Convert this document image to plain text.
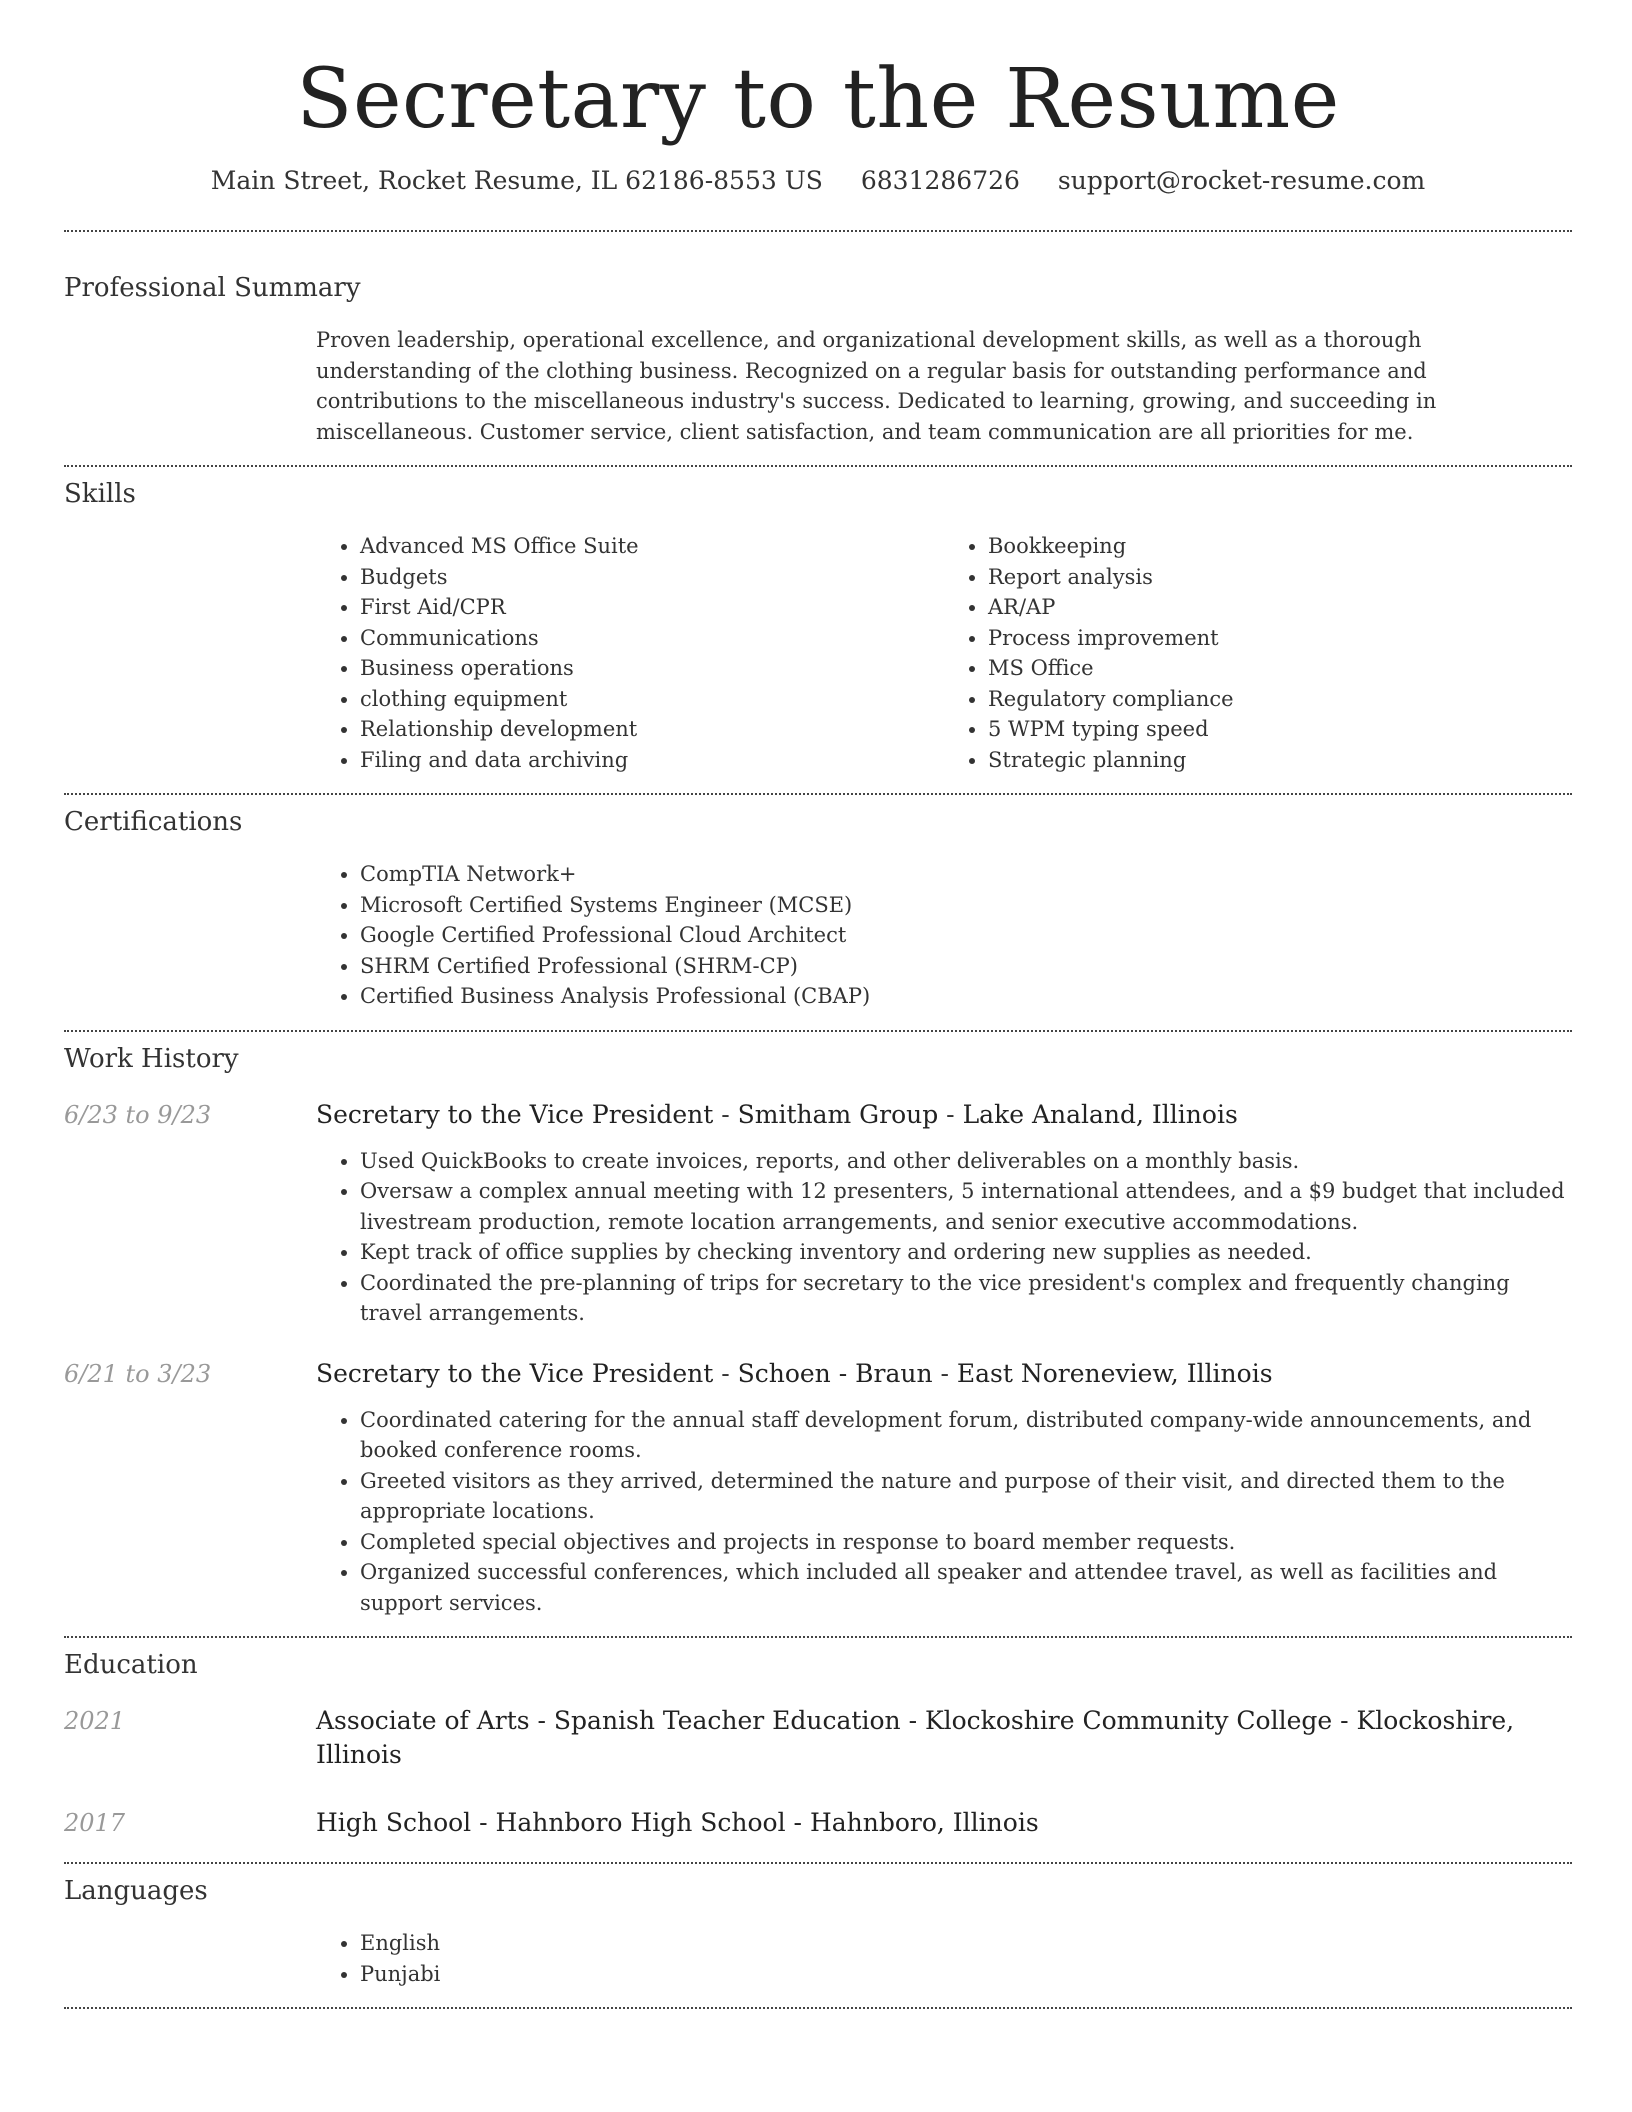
Secretary to the Resume
Main Street, Rocket Resume, IL 62186-8553 US 6831286726 support@rocket-resume.com
Professional Summary
Proven leadership, operational excellence, and organizational development skills, as well as a thorough understanding of the clothing business. Recognized on a regular basis for outstanding performance and contributions to the miscellaneous industry's success. Dedicated to learning, growing, and succeeding in miscellaneous. Customer service, client satisfaction, and team communication are all priorities for me.
Skills
• Advanced MS Office Suite
• Budgets
• First Aid/CPR
• Communications
• Business operations
• clothing equipment
• Relationship development
• Filing and data archiving
• Bookkeeping
• Report analysis
• AR/AP
• Process improvement
• MS Office
• Regulatory compliance
• 5 WPM typing speed
• Strategic planning
Certifications
• CompTIA Network+
• Microsoft Certified Systems Engineer (MCSE)
• Google Certified Professional Cloud Architect
• SHRM Certified Professional (SHRM-CP)
• Certified Business Analysis Professional (CBAP)
Work History
6/23 to 9/23	Secretary to the Vice President - Smitham Group - Lake Analand, Illinois
• Used QuickBooks to create invoices, reports, and other deliverables on a monthly basis.
• Oversaw a complex annual meeting with 12 presenters, 5 international attendees, and a $9 budget that included livestream production, remote location arrangements, and senior executive accommodations.
• Kept track of office supplies by checking inventory and ordering new supplies as needed.
• Coordinated the pre-planning of trips for secretary to the vice president's complex and frequently changing travel arrangements.
6/21 to 3/23	Secretary to the Vice President - Schoen - Braun - East Noreneview, Illinois
• Coordinated catering for the annual staff development forum, distributed company-wide announcements, and booked conference rooms.
• Greeted visitors as they arrived, determined the nature and purpose of their visit, and directed them to the appropriate locations.
• Completed special objectives and projects in response to board member requests.
• Organized successful conferences, which included all speaker and attendee travel, as well as facilities and support services.
Education
2021	Associate of Arts - Spanish Teacher Education - Klockoshire Community College - Klockoshire, Illinois
2017	High School - Hahnboro High School - Hahnboro, Illinois
Languages
• English
• Punjabi
